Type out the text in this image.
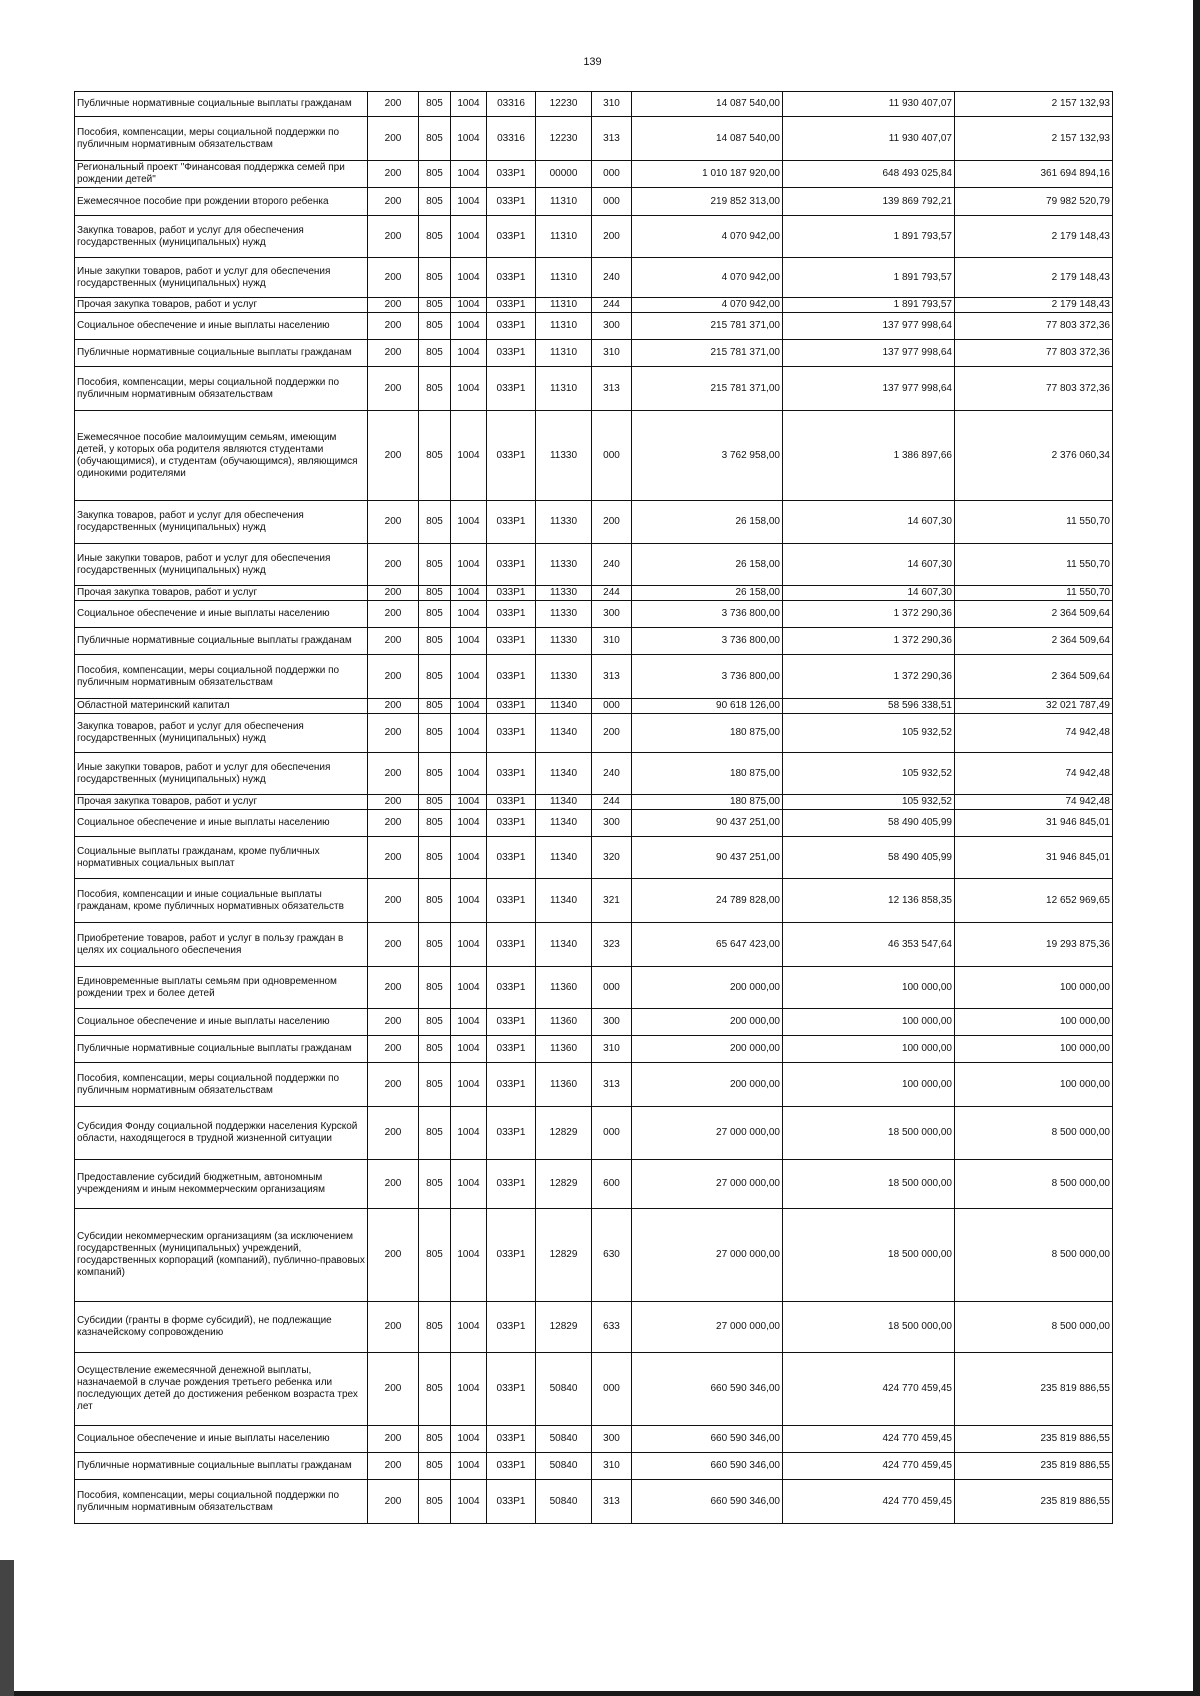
139
Публичные нормативные социальные выплаты гражданам	200	805	1004	03316	12230	310	14 087 540,00	11 930 407,07	2 157 132,93
Пособия, компенсации, меры социальной поддержки по публичным нормативным обязательствам	200	805	1004	03316	12230	313	14 087 540,00	11 930 407,07	2 157 132,93
Региональный проект "Финансовая поддержка семей при рождении детей"	200	805	1004	033P1	00000	000	1 010 187 920,00	648 493 025,84	361 694 894,16
Ежемесячное пособие при рождении второго ребенка	200	805	1004	033P1	11310	000	219 852 313,00	139 869 792,21	79 982 520,79
Закупка товаров, работ и услуг для обеспечения государственных (муниципальных) нужд	200	805	1004	033P1	11310	200	4 070 942,00	1 891 793,57	2 179 148,43
Иные закупки товаров, работ и услуг для обеспечения государственных (муниципальных) нужд	200	805	1004	033P1	11310	240	4 070 942,00	1 891 793,57	2 179 148,43
Прочая закупка товаров, работ и услуг	200	805	1004	033P1	11310	244	4 070 942,00	1 891 793,57	2 179 148,43
Социальное обеспечение и иные выплаты населению	200	805	1004	033P1	11310	300	215 781 371,00	137 977 998,64	77 803 372,36
Публичные нормативные социальные выплаты гражданам	200	805	1004	033P1	11310	310	215 781 371,00	137 977 998,64	77 803 372,36
Пособия, компенсации, меры социальной поддержки по публичным нормативным обязательствам	200	805	1004	033P1	11310	313	215 781 371,00	137 977 998,64	77 803 372,36
Ежемесячное пособие малоимущим семьям, имеющим детей, у которых оба родителя являются студентами (обучающимися), и студентам (обучающимся), являющимся одинокими родителями	200	805	1004	033P1	11330	000	3 762 958,00	1 386 897,66	2 376 060,34
Закупка товаров, работ и услуг для обеспечения государственных (муниципальных) нужд	200	805	1004	033P1	11330	200	26 158,00	14 607,30	11 550,70
Иные закупки товаров, работ и услуг для обеспечения государственных (муниципальных) нужд	200	805	1004	033P1	11330	240	26 158,00	14 607,30	11 550,70
Прочая закупка товаров, работ и услуг	200	805	1004	033P1	11330	244	26 158,00	14 607,30	11 550,70
Социальное обеспечение и иные выплаты населению	200	805	1004	033P1	11330	300	3 736 800,00	1 372 290,36	2 364 509,64
Публичные нормативные социальные выплаты гражданам	200	805	1004	033P1	11330	310	3 736 800,00	1 372 290,36	2 364 509,64
Пособия, компенсации, меры социальной поддержки по публичным нормативным обязательствам	200	805	1004	033P1	11330	313	3 736 800,00	1 372 290,36	2 364 509,64
Областной материнский капитал	200	805	1004	033P1	11340	000	90 618 126,00	58 596 338,51	32 021 787,49
Закупка товаров, работ и услуг для обеспечения государственных (муниципальных) нужд	200	805	1004	033P1	11340	200	180 875,00	105 932,52	74 942,48
Иные закупки товаров, работ и услуг для обеспечения государственных (муниципальных) нужд	200	805	1004	033P1	11340	240	180 875,00	105 932,52	74 942,48
Прочая закупка товаров, работ и услуг	200	805	1004	033P1	11340	244	180 875,00	105 932,52	74 942,48
Социальное обеспечение и иные выплаты населению	200	805	1004	033P1	11340	300	90 437 251,00	58 490 405,99	31 946 845,01
Социальные выплаты гражданам, кроме публичных нормативных социальных выплат	200	805	1004	033P1	11340	320	90 437 251,00	58 490 405,99	31 946 845,01
Пособия, компенсации и иные социальные выплаты гражданам, кроме публичных нормативных обязательств	200	805	1004	033P1	11340	321	24 789 828,00	12 136 858,35	12 652 969,65
Приобретение товаров, работ и услуг в пользу граждан в целях их социального обеспечения	200	805	1004	033P1	11340	323	65 647 423,00	46 353 547,64	19 293 875,36
Единовременные выплаты семьям при одновременном рождении трех и более детей	200	805	1004	033P1	11360	000	200 000,00	100 000,00	100 000,00
Социальное обеспечение и иные выплаты населению	200	805	1004	033P1	11360	300	200 000,00	100 000,00	100 000,00
Публичные нормативные социальные выплаты гражданам	200	805	1004	033P1	11360	310	200 000,00	100 000,00	100 000,00
Пособия, компенсации, меры социальной поддержки по публичным нормативным обязательствам	200	805	1004	033P1	11360	313	200 000,00	100 000,00	100 000,00
Субсидия Фонду социальной поддержки населения Курской области, находящегося в трудной жизненной ситуации	200	805	1004	033P1	12829	000	27 000 000,00	18 500 000,00	8 500 000,00
Предоставление субсидий бюджетным, автономным учреждениям и иным некоммерческим организациям	200	805	1004	033P1	12829	600	27 000 000,00	18 500 000,00	8 500 000,00
Субсидии некоммерческим организациям (за исключением государственных (муниципальных) учреждений, государственных корпораций (компаний), публично-правовых компаний)	200	805	1004	033P1	12829	630	27 000 000,00	18 500 000,00	8 500 000,00
Субсидии (гранты в форме субсидий), не подлежащие казначейскому сопровождению	200	805	1004	033P1	12829	633	27 000 000,00	18 500 000,00	8 500 000,00
Осуществление ежемесячной денежной выплаты, назначаемой в случае рождения третьего ребенка или последующих детей до достижения ребенком возраста трех лет	200	805	1004	033P1	50840	000	660 590 346,00	424 770 459,45	235 819 886,55
Социальное обеспечение и иные выплаты населению	200	805	1004	033P1	50840	300	660 590 346,00	424 770 459,45	235 819 886,55
Публичные нормативные социальные выплаты гражданам	200	805	1004	033P1	50840	310	660 590 346,00	424 770 459,45	235 819 886,55
Пособия, компенсации, меры социальной поддержки по публичным нормативным обязательствам	200	805	1004	033P1	50840	313	660 590 346,00	424 770 459,45	235 819 886,55
